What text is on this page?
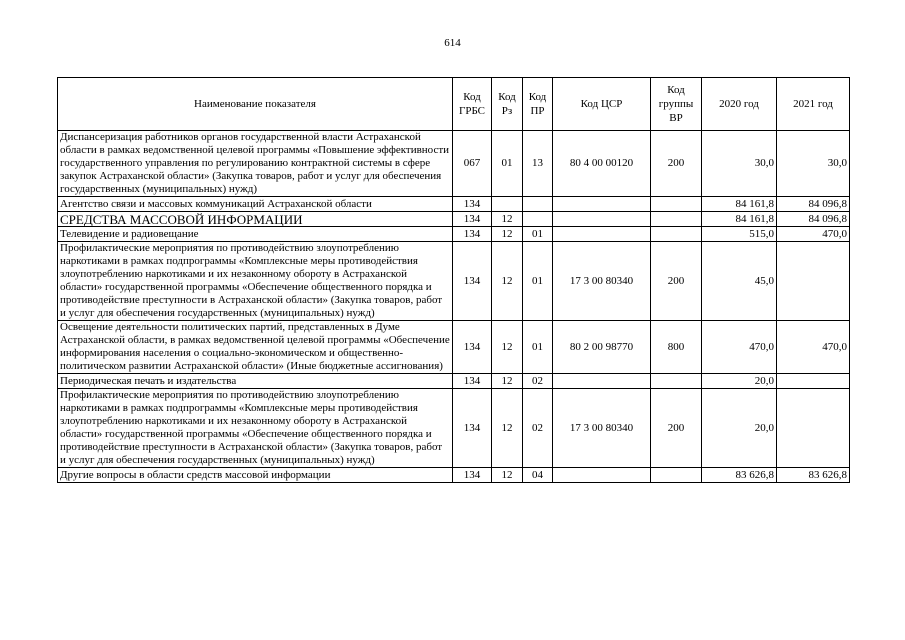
614
Наименование показателя	Код ГРБС	Код Рз	Код ПР	Код ЦСР	Код группы ВР	2020 год	2021 год
Диспансеризация работников органов государственной власти Астраханской области в рамках ведомственной целевой программы «Повышение эффективности государственного управления по регулированию контрактной системы в сфере закупок Астраханской области» (Закупка товаров, работ и услуг для обеспечения государственных (муниципальных) нужд)	067	01	13	80 4 00 00120	200	30,0	30,0
Агентство связи и массовых коммуникаций Астраханской области	134					84 161,8	84 096,8
СРЕДСТВА МАССОВОЙ ИНФОРМАЦИИ	134	12				84 161,8	84 096,8
Телевидение и радиовещание	134	12	01			515,0	470,0
Профилактические мероприятия по противодействию злоупотреблению наркотиками в рамках подпрограммы «Комплексные меры противодействия злоупотреблению наркотиками и их незаконному обороту в Астраханской области» государственной программы «Обеспечение общественного порядка и противодействие преступности в Астраханской области» (Закупка товаров, работ и услуг для обеспечения государственных (муниципальных) нужд)	134	12	01	17 3 00 80340	200	45,0	
Освещение деятельности политических партий, представленных в Думе Астраханской области, в рамках ведомственной целевой программы «Обеспечение информирования населения о социально-экономическом и общественно-политическом развитии Астраханской области» (Иные бюджетные ассигнования)	134	12	01	80 2 00 98770	800	470,0	470,0
Периодическая печать и издательства	134	12	02			20,0	
Профилактические мероприятия по противодействию злоупотреблению наркотиками в рамках подпрограммы «Комплексные меры противодействия злоупотреблению наркотиками и их незаконному обороту в Астраханской области» государственной программы «Обеспечение общественного порядка и противодействие преступности в Астраханской области» (Закупка товаров, работ и услуг для обеспечения государственных (муниципальных) нужд)	134	12	02	17 3 00 80340	200	20,0	
Другие вопросы в области средств массовой информации	134	12	04			83 626,8	83 626,8
